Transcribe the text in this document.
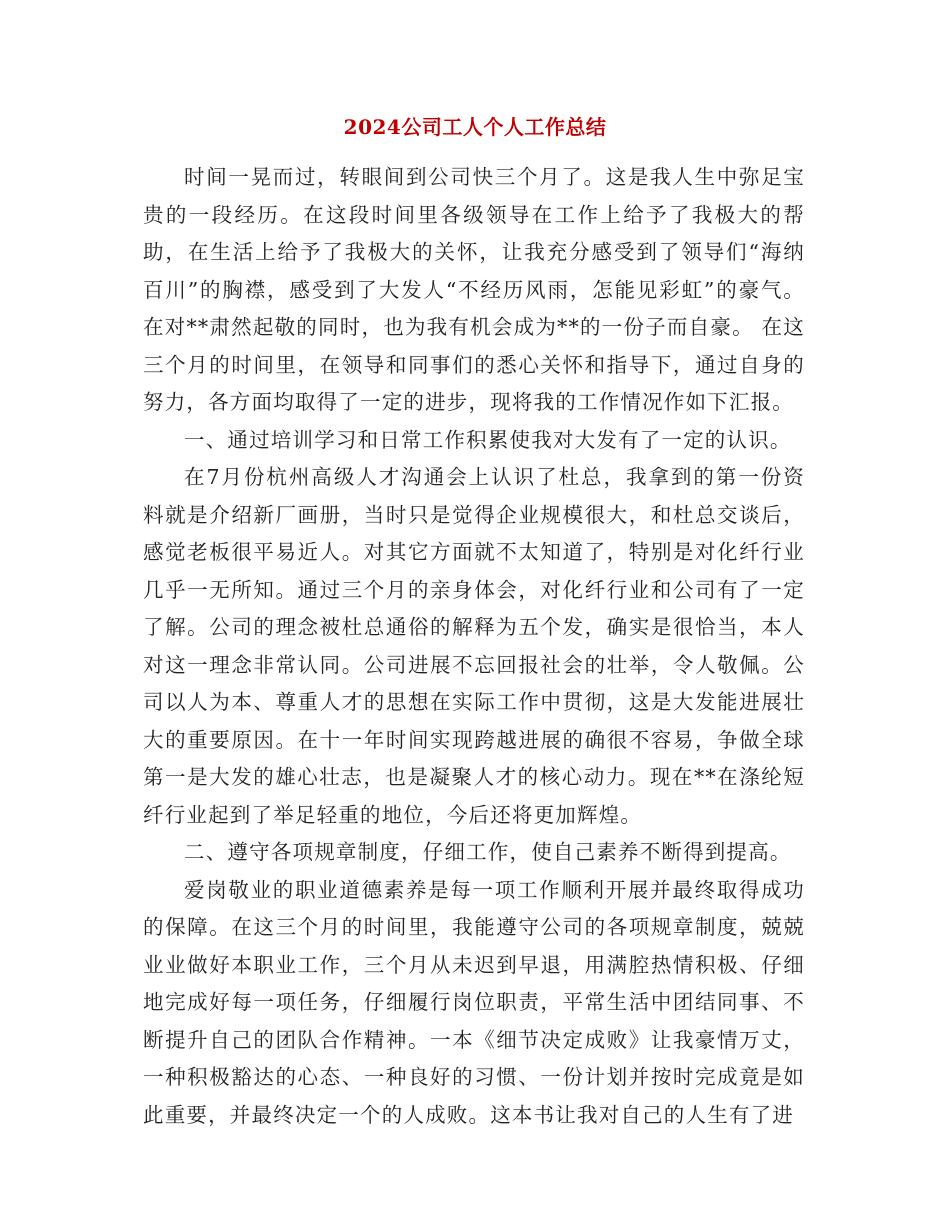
2024公司工人个人工作总结

时间一晃而过，转眼间到公司快三个月了。这是我人生中弥足宝贵的一段经历。在这段时间里各级领导在工作上给予了我极大的帮助，在生活上给予了我极大的关怀，让我充分感受到了领导们“海纳百川”的胸襟，感受到了大发人“不经历风雨，怎能见彩虹”的豪气。在对**肃然起敬的同时，也为我有机会成为**的一份子而自豪。 在这三个月的时间里，在领导和同事们的悉心关怀和指导下，通过自身的努力，各方面均取得了一定的进步，现将我的工作情况作如下汇报。

一、通过培训学习和日常工作积累使我对大发有了一定的认识。

在7月份杭州高级人才沟通会上认识了杜总，我拿到的第一份资料就是介绍新厂画册，当时只是觉得企业规模很大，和杜总交谈后，感觉老板很平易近人。对其它方面就不太知道了，特别是对化纤行业几乎一无所知。通过三个月的亲身体会，对化纤行业和公司有了一定了解。公司的理念被杜总通俗的解释为五个发，确实是很恰当，本人对这一理念非常认同。公司进展不忘回报社会的壮举，令人敬佩。公司以人为本、尊重人才的思想在实际工作中贯彻，这是大发能进展壮大的重要原因。在十一年时间实现跨越进展的确很不容易，争做全球第一是大发的雄心壮志，也是凝聚人才的核心动力。现在**在涤纶短纤行业起到了举足轻重的地位，今后还将更加辉煌。

二、遵守各项规章制度，仔细工作，使自己素养不断得到提高。

爱岗敬业的职业道德素养是每一项工作顺利开展并最终取得成功的保障。在这三个月的时间里，我能遵守公司的各项规章制度，兢兢业业做好本职业工作，三个月从未迟到早退，用满腔热情积极、仔细地完成好每一项任务，仔细履行岗位职责，平常生活中团结同事、不断提升自己的团队合作精神。一本《细节决定成败》让我豪情万丈，一种积极豁达的心态、一种良好的习惯、一份计划并按时完成竟是如此重要，并最终决定一个的人成败。这本书让我对自己的人生有了进
